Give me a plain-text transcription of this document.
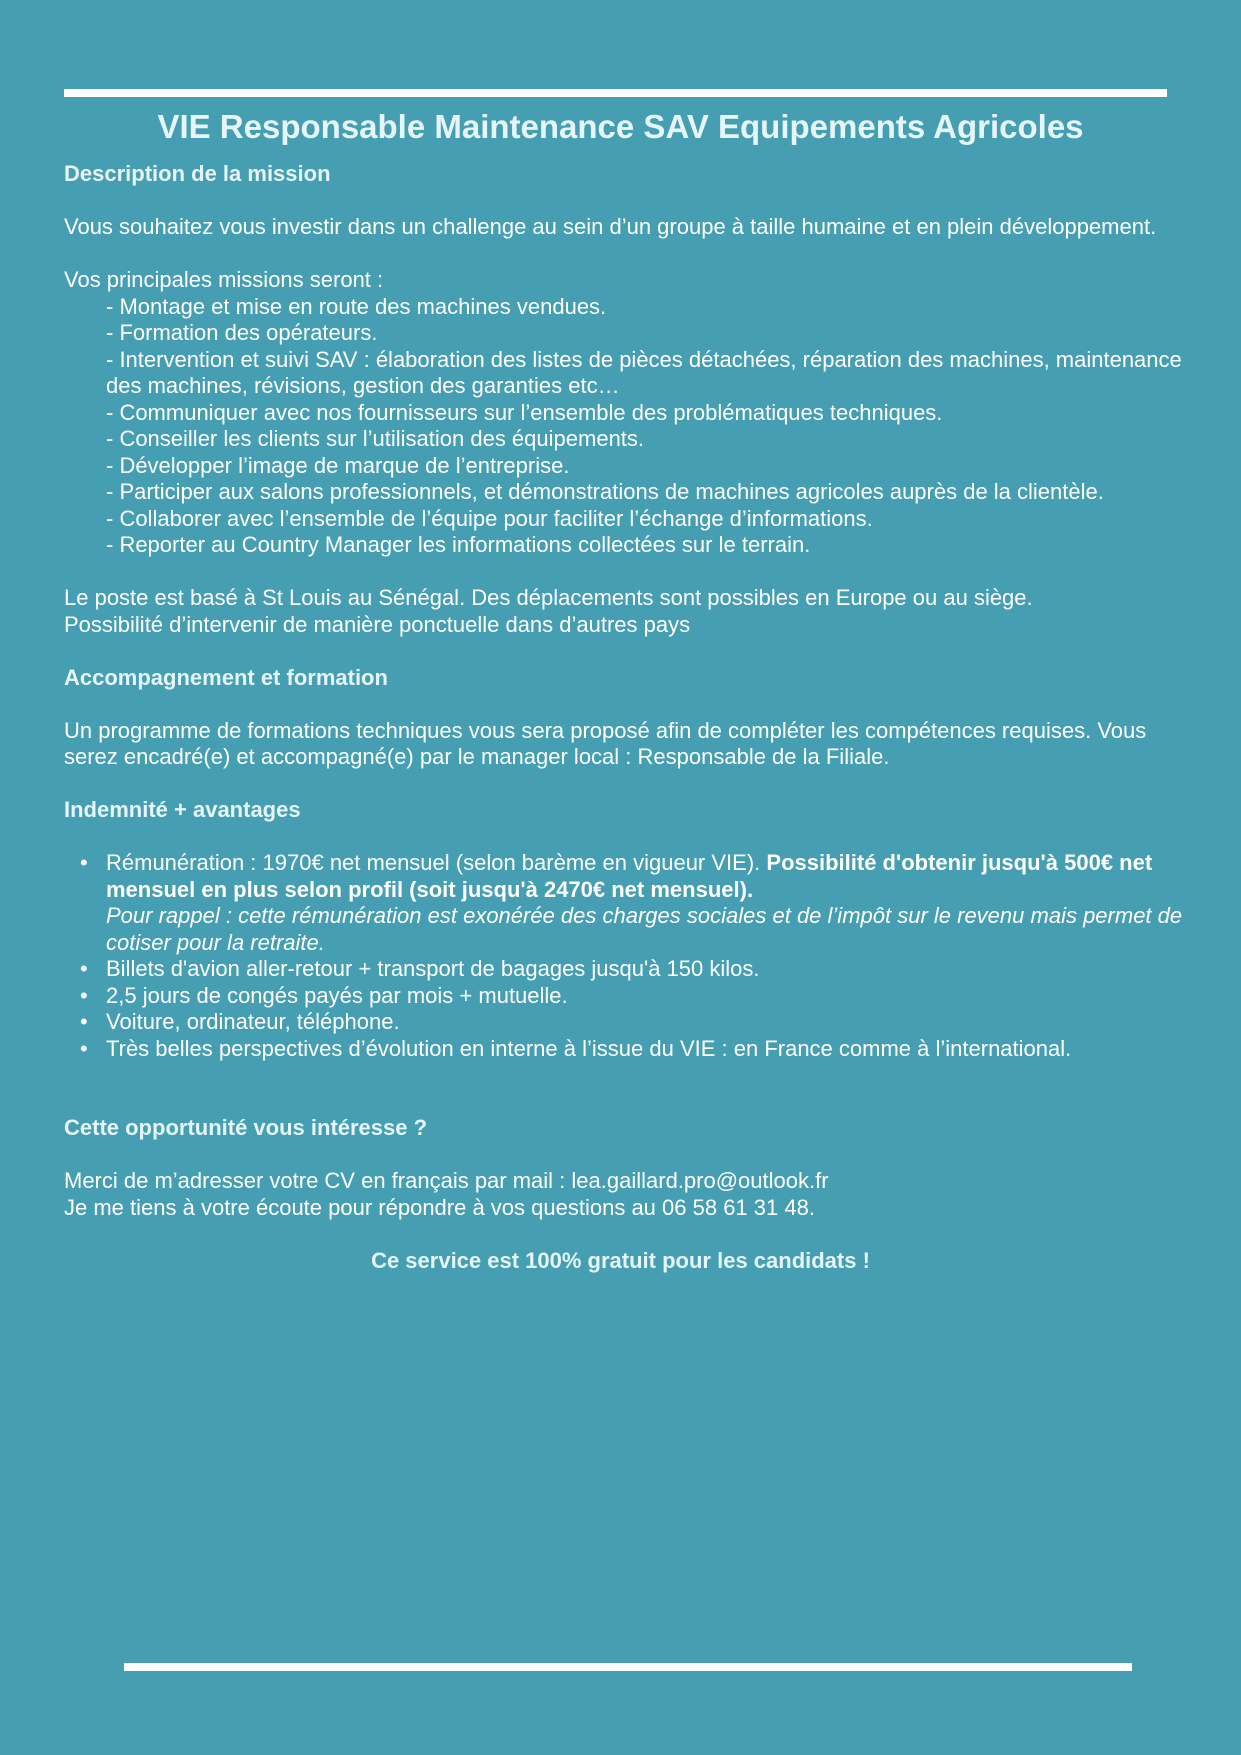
VIE Responsable Maintenance SAV Equipements Agricoles
Description de la mission

Vous souhaitez vous investir dans un challenge au sein d’un groupe à taille humaine et en plein développement.

Vos principales missions seront :

- Montage et mise en route des machines vendues.

- Formation des opérateurs.

- Intervention et suivi SAV : élaboration des listes de pièces détachées, réparation des machines, maintenance des machines, révisions, gestion des garanties etc…

- Communiquer avec nos fournisseurs sur l’ensemble des problématiques techniques.

- Conseiller les clients sur l’utilisation des équipements.

- Développer l’image de marque de l’entreprise.

- Participer aux salons professionnels, et démonstrations de machines agricoles auprès de la clientèle.

- Collaborer avec l’ensemble de l’équipe pour faciliter l’échange d’informations.

- Reporter au Country Manager les informations collectées sur le terrain.

Le poste est basé à St Louis au Sénégal. Des déplacements sont possibles en Europe ou au siège.

Possibilité d’intervenir de manière ponctuelle dans d’autres pays

Accompagnement et formation

Un programme de formations techniques vous sera proposé afin de compléter les compétences requises. Vous serez encadré(e) et accompagné(e) par le manager local : Responsable de la Filiale.

Indemnité + avantages
• Rémunération : 1970€ net mensuel (selon barème en vigueur VIE). Possibilité d'obtenir jusqu'à 500€ net mensuel en plus selon profil (soit jusqu'à 2470€ net mensuel).
Pour rappel : cette rémunération est exonérée des charges sociales et de l’impôt sur le revenu mais permet de cotiser pour la retraite.
• Billets d'avion aller-retour + transport de bagages jusqu'à 150 kilos.
• 2,5 jours de congés payés par mois + mutuelle.
• Voiture, ordinateur, téléphone.
• Très belles perspectives d’évolution en interne à l’issue du VIE : en France comme à l’international.
Cette opportunité vous intéresse ?

Merci de m’adresser votre CV en français par mail : lea.gaillard.pro@outlook.fr

Je me tiens à votre écoute pour répondre à vos questions au 06 58 61 31 48.

Ce service est 100% gratuit pour les candidats !
